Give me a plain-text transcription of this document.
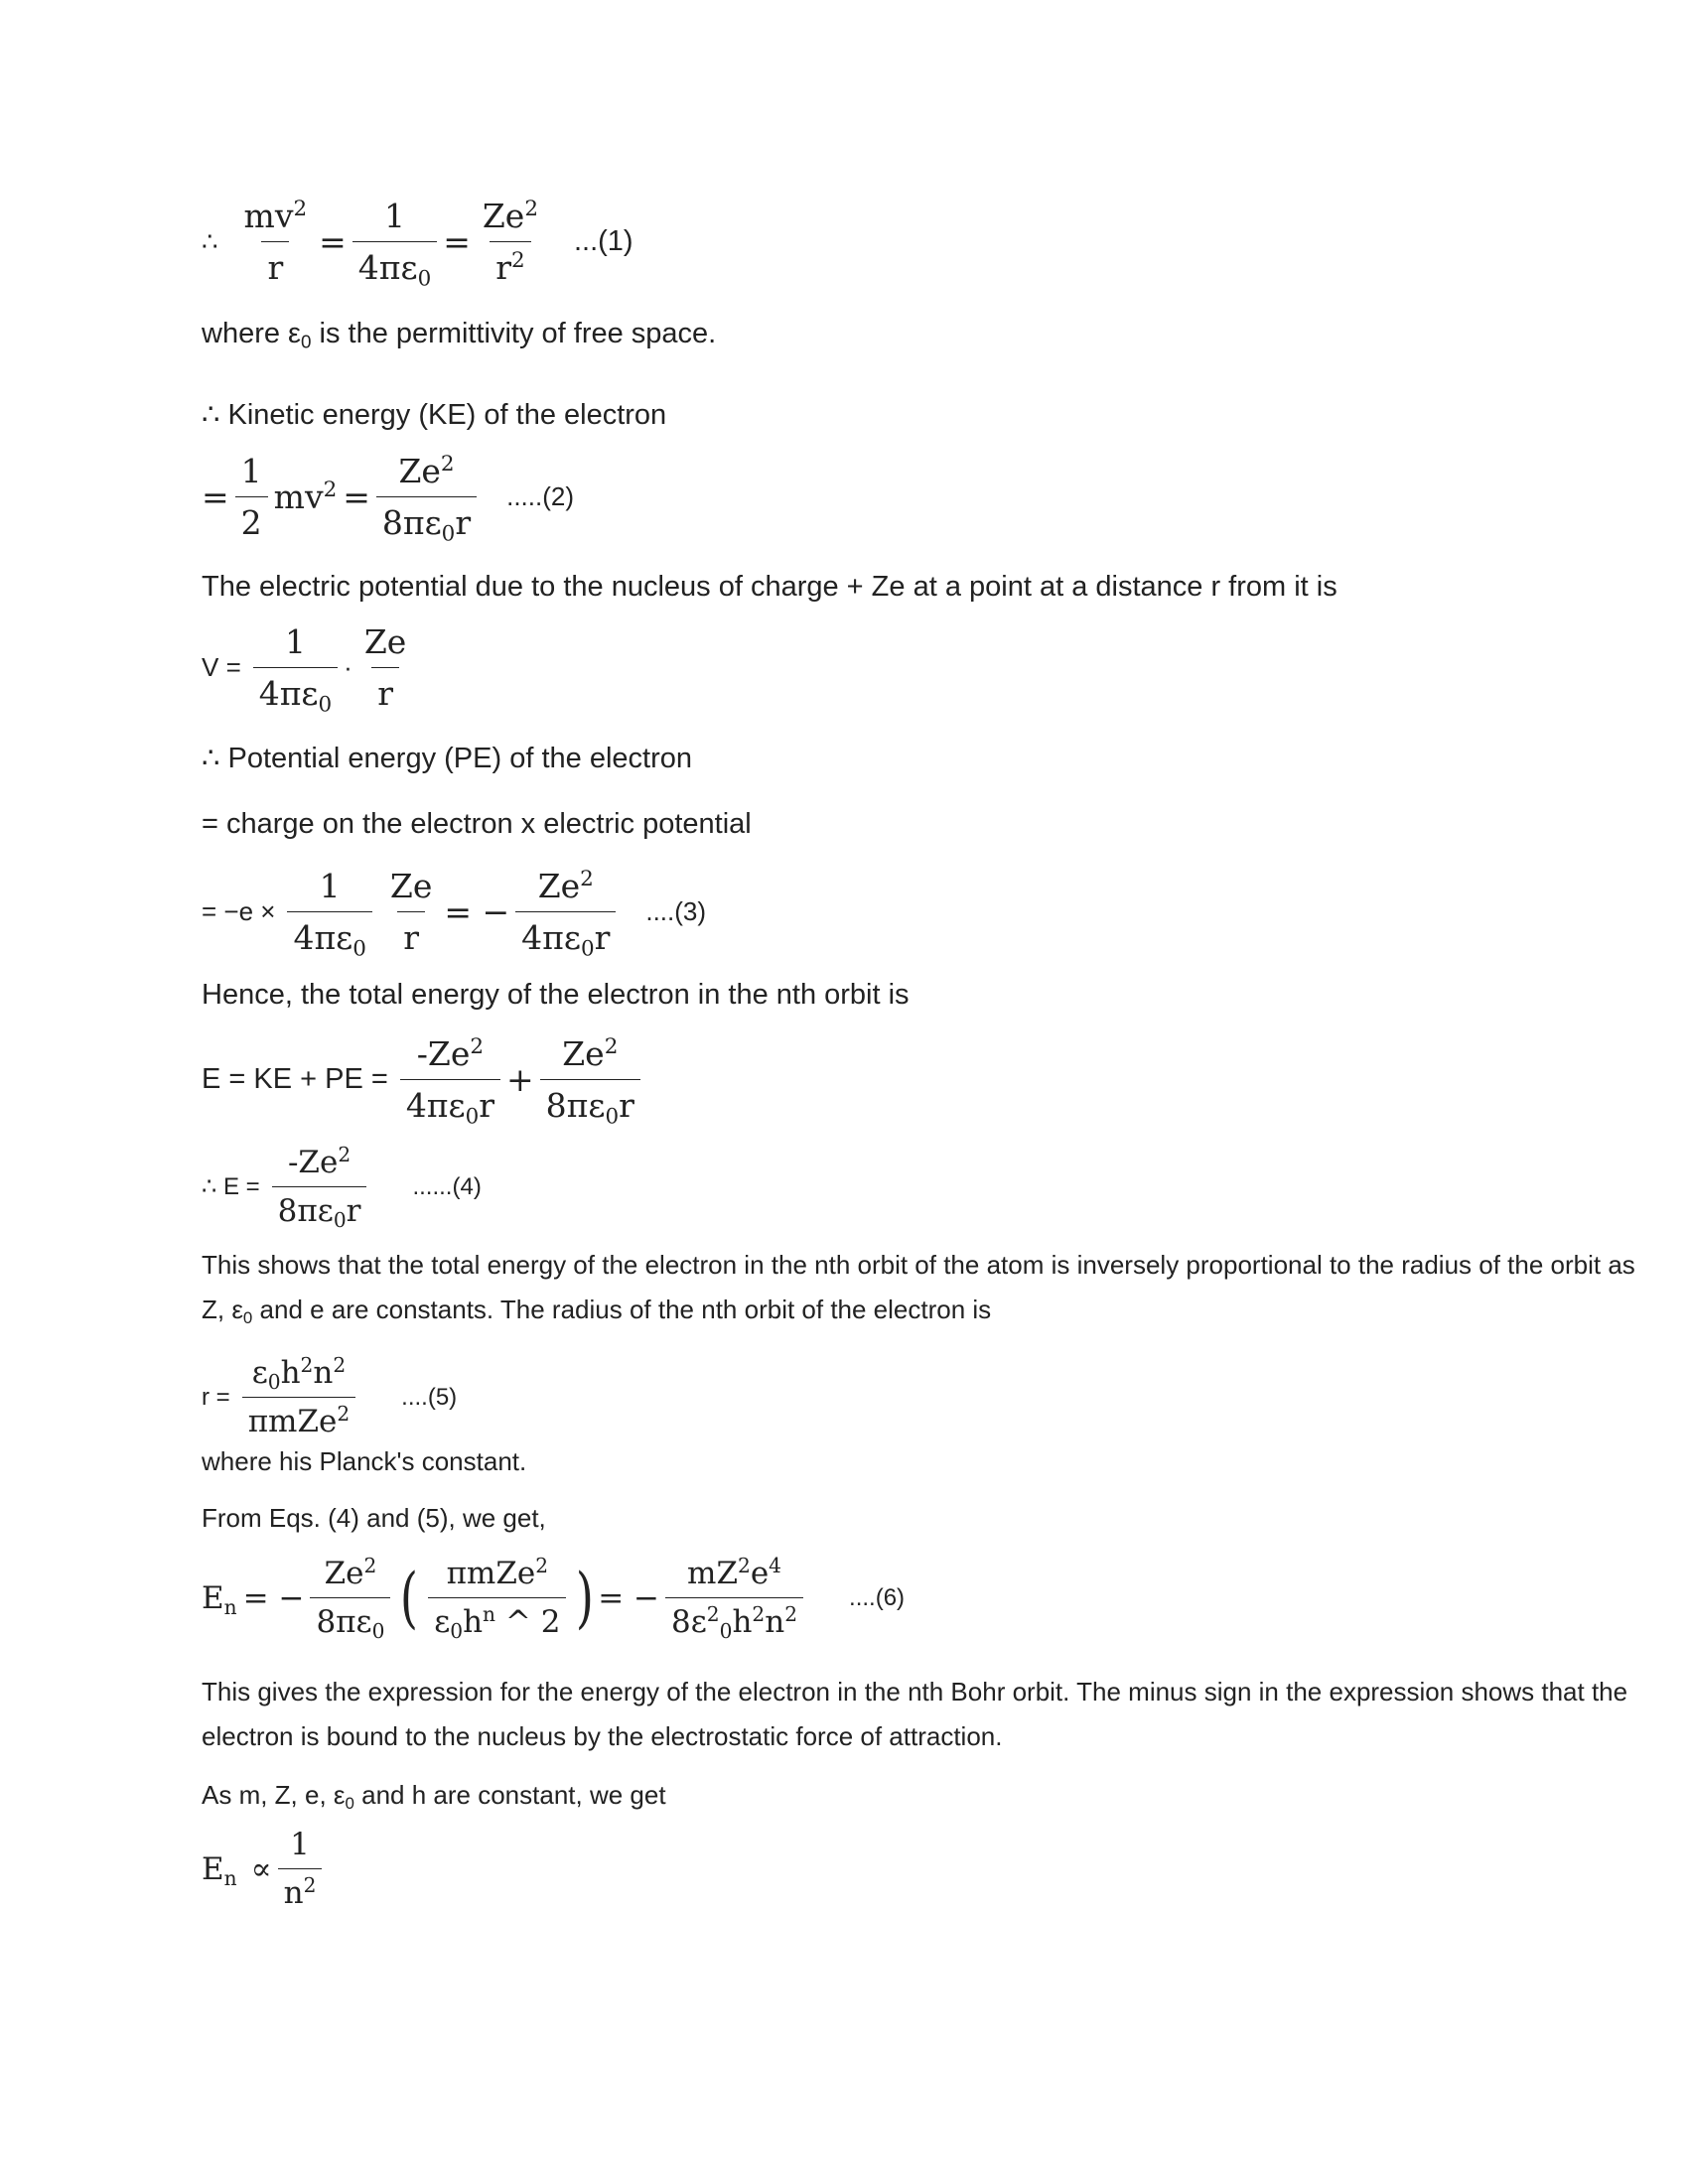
∴ $\frac{mv^2}{r} = \frac{1}{4\pi\varepsilon_0} = \frac{Ze^2}{r^2} ...(1)$
where $\varepsilon_0$ is the permittivity of free space.
∴ Kinetic energy (KE) of the electron
= $\frac{1}{2} mv^2 = \frac{Ze^2}{8\pi\varepsilon_0r} .....(2)$
The electric potential due to the nucleus of charge + Ze at a point at a distance r from it is
$V = \frac{1}{4\pi\varepsilon_0} \cdot \frac{Ze}{r}$
∴ Potential energy (PE) of the electron
= charge on the electron x electric potential
= $-e \times \frac{1}{4\pi\varepsilon_0} \frac{Ze}{r}$ = − $\frac{Ze^2}{4\pi\varepsilon_0r} ....(3)$
Hence, the total energy of the electron in the nth orbit is
E = KE + PE = $\frac{-Ze^2}{4\pi\varepsilon_0r} + \frac{Ze^2}{8\pi\varepsilon_0r}$
∴ $E = \frac{-Ze^2}{8\pi\varepsilon_0r} ......(4)$
This shows that the total energy of the electron in the nth orbit of the atom is inversely proportional to the radius of the orbit as Z, $\varepsilon_0$ and e are constants. The radius of the nth orbit of the electron is
$r = \frac{\varepsilon_0h^2n^2}{\pi mZe^2} ....(5)$
where his Planck's constant.
From Eqs. (4) and (5), we get,
$E_n$ = − $\frac{Ze^2}{8\pi\varepsilon_0}$ ( $\frac{\pi mZe^2}{\varepsilon_0h^n \^{} 2}$ ) = − $\frac{mZ^2e^4}{8\varepsilon^2_0h^2n^2} ....(6)$
This gives the expression for the energy of the electron in the nth Bohr orbit. The minus sign in the expression shows that the electron is bound to the nucleus by the electrostatic force of attraction.
As m, Z, e, $\varepsilon_0$ and h are constant, we get
$E_n \propto \frac{1}{n^2}$
